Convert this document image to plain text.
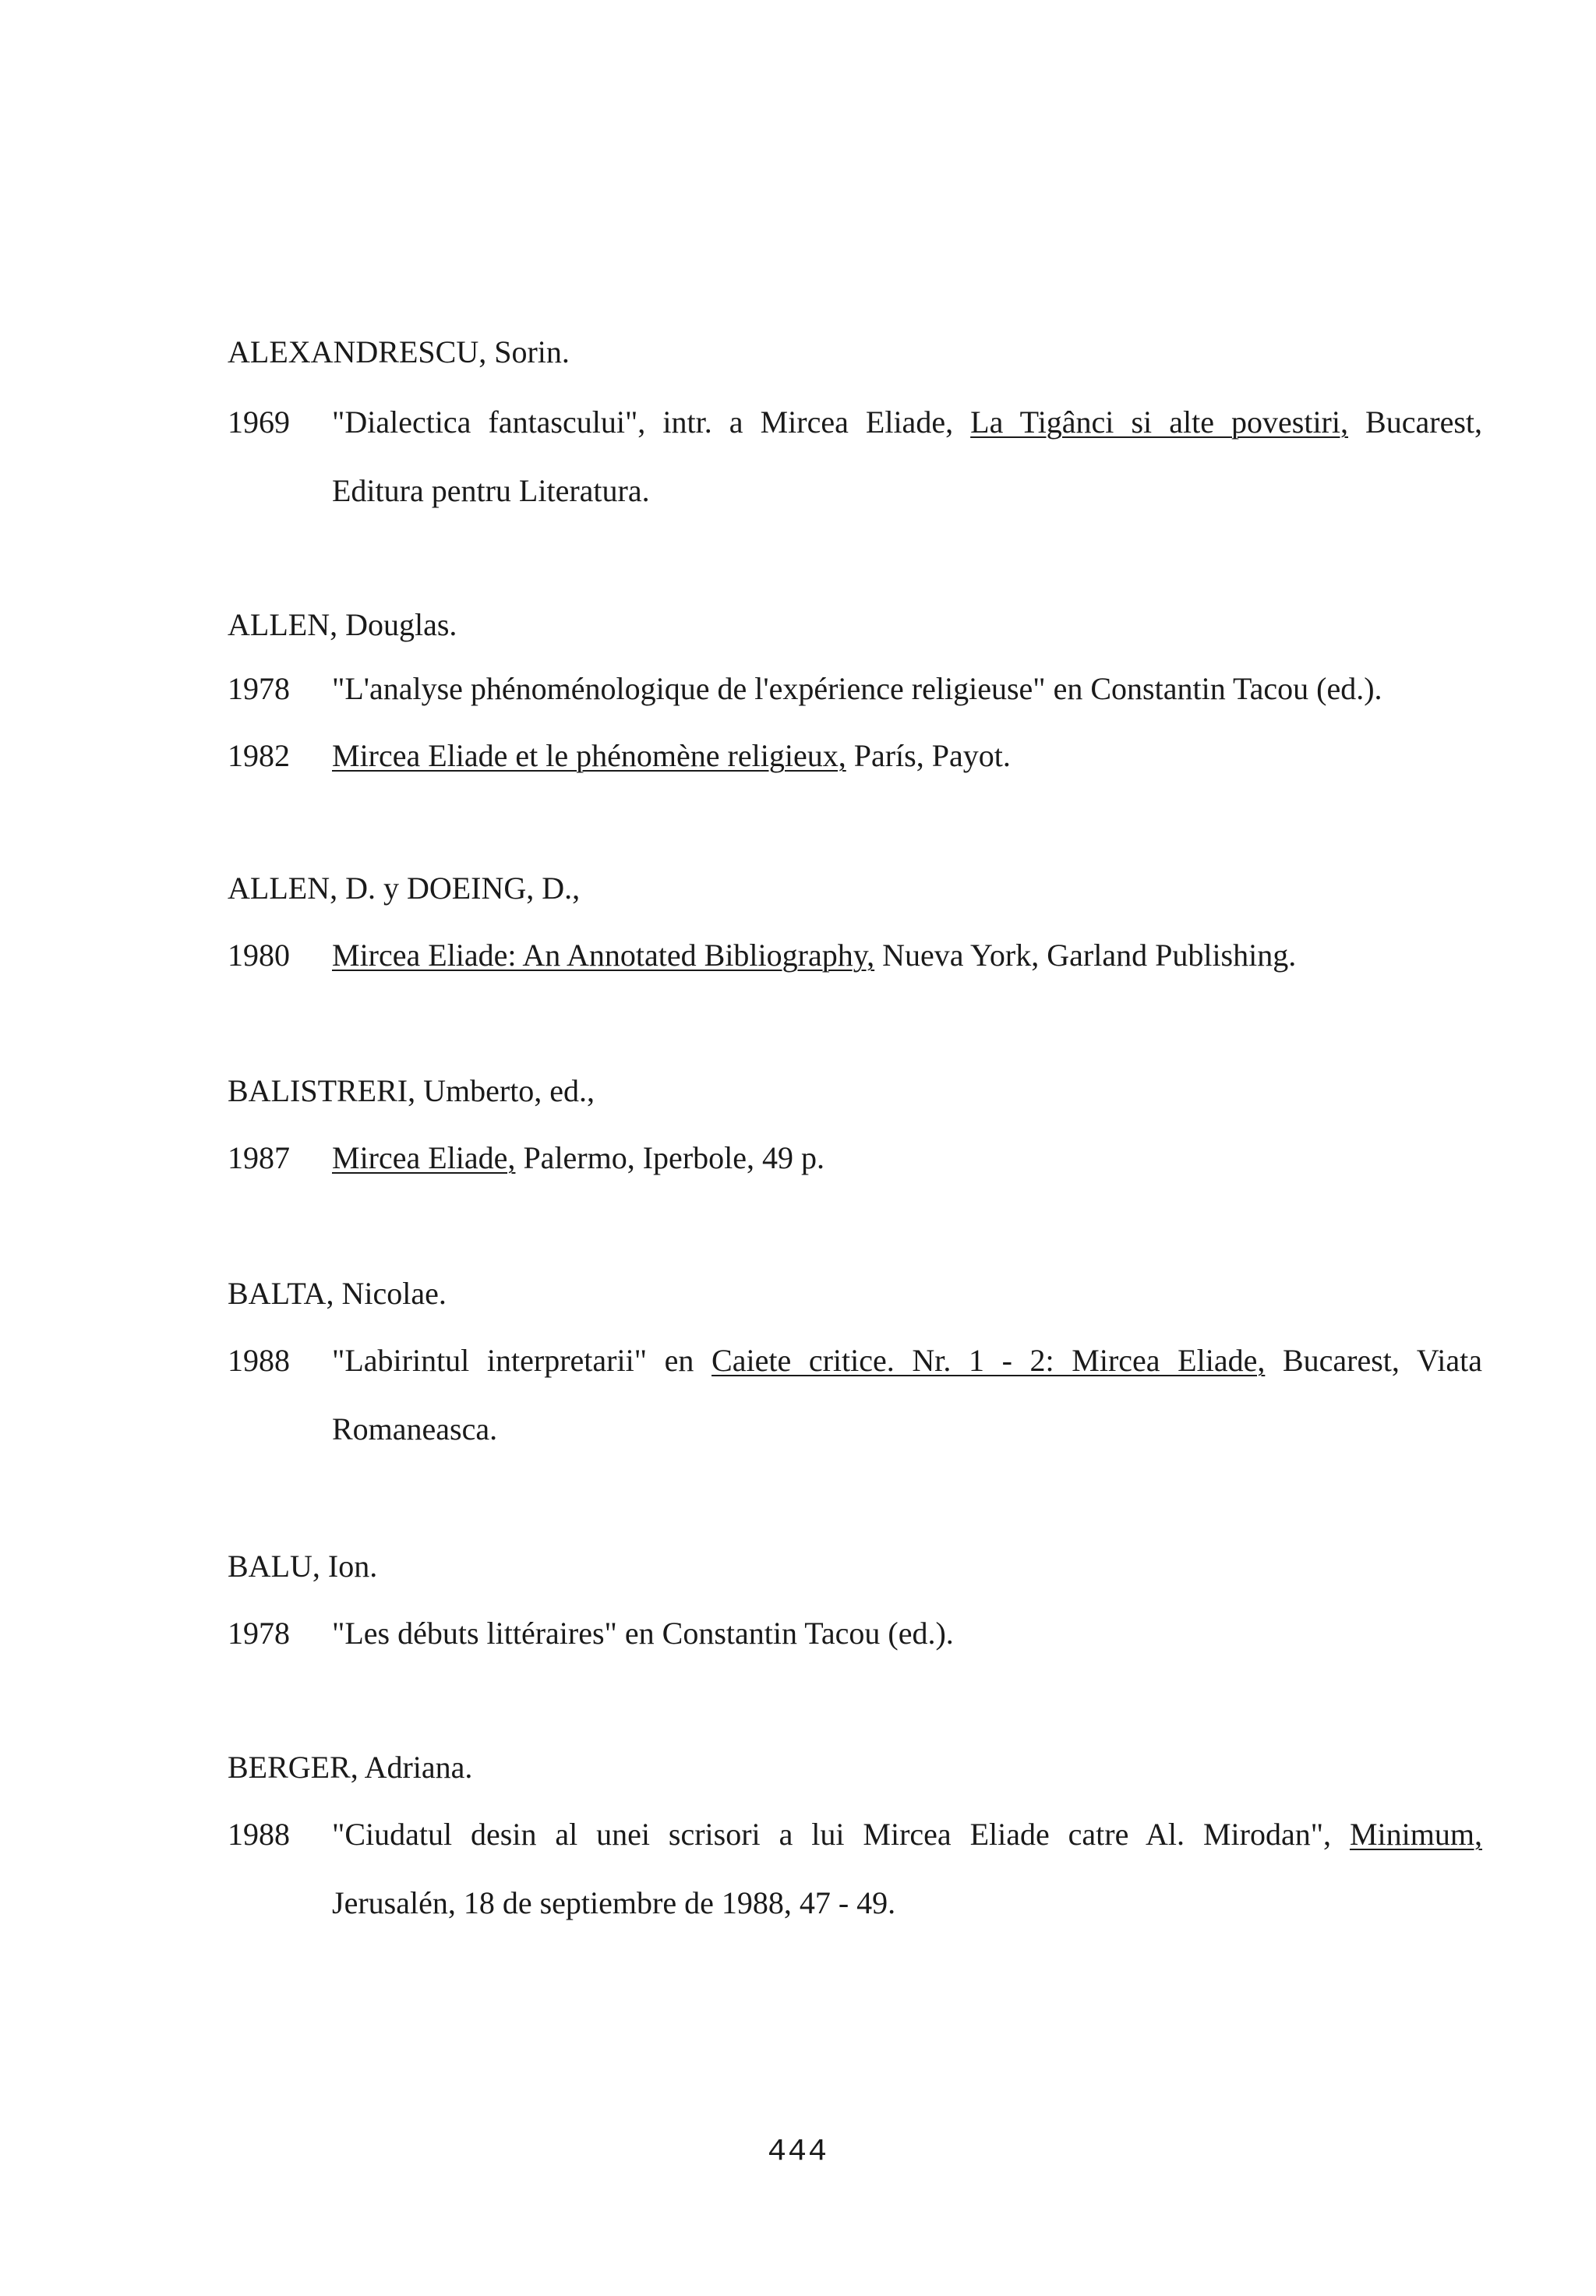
ALEXANDRESCU, Sorin.
1969 "Dialectica fantascului", intr. a Mircea Eliade, La Tigânci si alte povestiri, Bucarest,
Editura pentru Literatura.
ALLEN, Douglas.
1978 "L'analyse phénoménologique de l'expérience religieuse" en Constantin Tacou (ed.).
1982 Mircea Eliade et le phénomène religieux, París, Payot.
ALLEN, D. y DOEING, D.,
1980 Mircea Eliade: An Annotated Bibliography, Nueva York, Garland Publishing.
BALISTRERI, Umberto, ed.,
1987 Mircea Eliade, Palermo, Iperbole, 49 p.
BALTA, Nicolae.
1988 "Labirintul interpretarii" en Caiete critice. Nr. 1 - 2: Mircea Eliade, Bucarest, Viata
Romaneasca.
BALU, Ion.
1978 "Les débuts littéraires" en Constantin Tacou (ed.).
BERGER, Adriana.
1988 "Ciudatul desin al unei scrisori a lui Mircea Eliade catre Al. Mirodan", Minimum,
Jerusalén, 18 de septiembre de 1988, 47 - 49.
444
